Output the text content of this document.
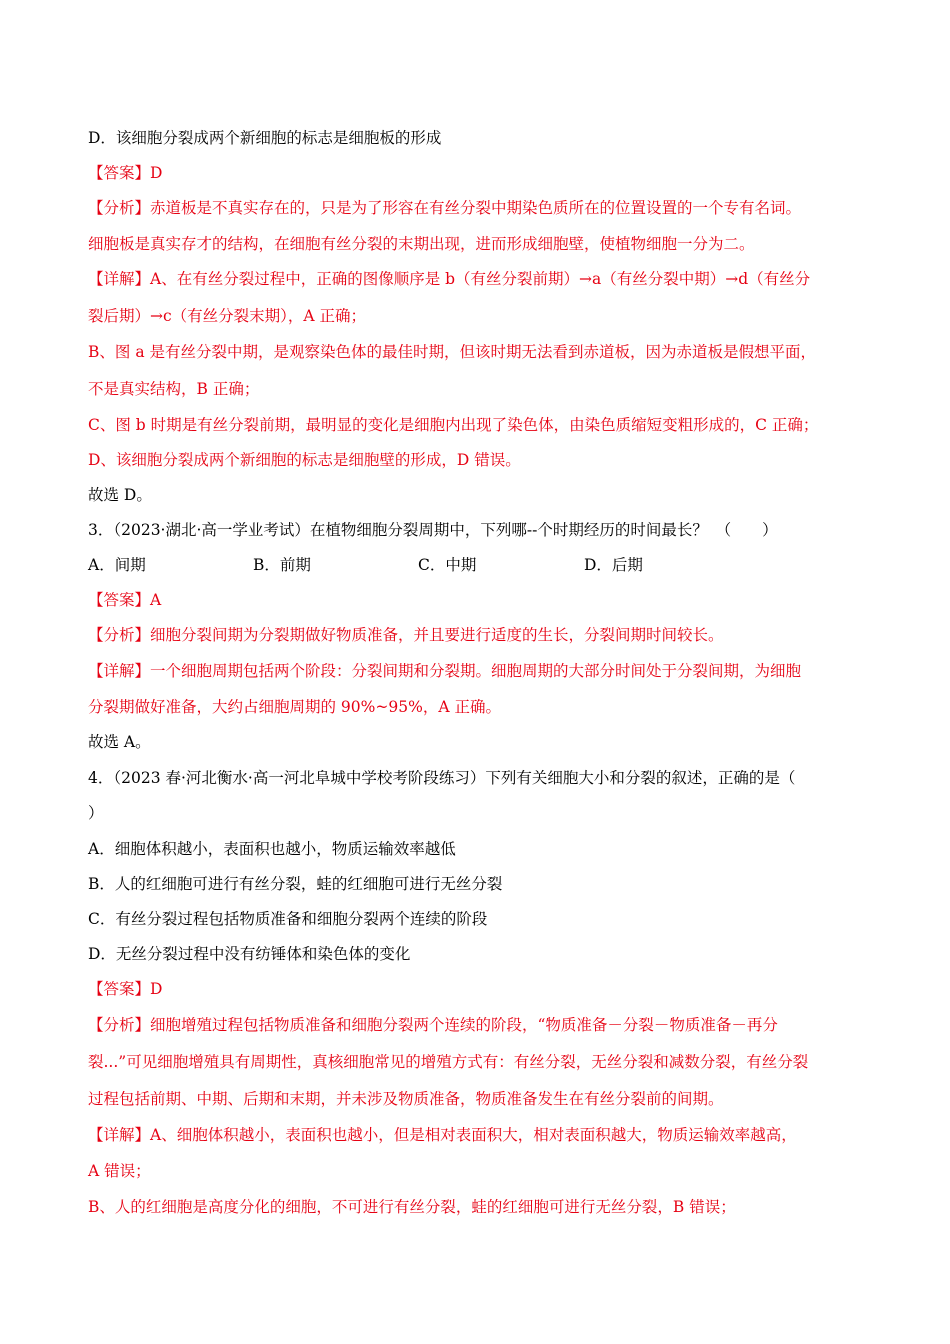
D．该细胞分裂成两个新细胞的标志是细胞板的形成
【答案】D
【分析】赤道板是不真实存在的，只是为了形容在有丝分裂中期染色质所在的位置设置的一个专有名词。
细胞板是真实存才的结构，在细胞有丝分裂的末期出现，进而形成细胞壁，使植物细胞一分为二。
【详解】A、在有丝分裂过程中，正确的图像顺序是 b（有丝分裂前期）→a（有丝分裂中期）→d（有丝分
裂后期）→c（有丝分裂末期），A 正确；
B、图 a 是有丝分裂中期，是观察染色体的最佳时期，但该时期无法看到赤道板，因为赤道板是假想平面，
不是真实结构，B 正确；
C、图 b 时期是有丝分裂前期，最明显的变化是细胞内出现了染色体，由染色质缩短变粗形成的，C 正确；
D、该细胞分裂成两个新细胞的标志是细胞壁的形成，D 错误。
故选 D。
3．（2023·湖北·高一学业考试）在植物细胞分裂周期中，下列哪--个时期经历的时间最长？　（　　）
A．间期	B．前期	C．中期	D．后期
【答案】A
【分析】细胞分裂间期为分裂期做好物质准备，并且要进行适度的生长，分裂间期时间较长。
【详解】一个细胞周期包括两个阶段：分裂间期和分裂期。细胞周期的大部分时间处于分裂间期，为细胞
分裂期做好准备，大约占细胞周期的 90%~95%，A 正确。
故选 A。
4．（2023 春·河北衡水·高一河北阜城中学校考阶段练习）下列有关细胞大小和分裂的叙述，正确的是（
）
A．细胞体积越小，表面积也越小，物质运输效率越低
B．人的红细胞可进行有丝分裂，蛙的红细胞可进行无丝分裂
C．有丝分裂过程包括物质准备和细胞分裂两个连续的阶段
D．无丝分裂过程中没有纺锤体和染色体的变化
【答案】D
【分析】细胞增殖过程包括物质准备和细胞分裂两个连续的阶段，“物质准备－分裂－物质准备－再分
裂...”可见细胞增殖具有周期性，真核细胞常见的增殖方式有：有丝分裂，无丝分裂和减数分裂，有丝分裂
过程包括前期、中期、后期和末期，并未涉及物质准备，物质准备发生在有丝分裂前的间期。
【详解】A、细胞体积越小，表面积也越小，但是相对表面积大，相对表面积越大，物质运输效率越高，
A 错误；
B、人的红细胞是高度分化的细胞，不可进行有丝分裂，蛙的红细胞可进行无丝分裂，B 错误；
